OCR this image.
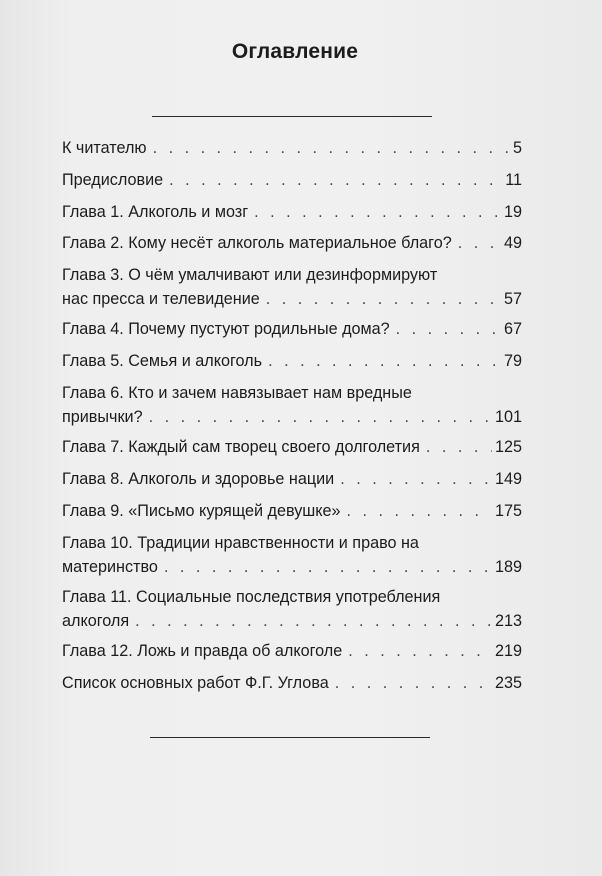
Оглавление
К читателю . . .	5
Предисловие . . .	11
Глава 1. Алкоголь и мозг . . .	19
Глава 2. Кому несёт алкоголь материальное благо? . . .	49
Глава 3. О чём умалчивают или дезинформируют
нас пресса и телевидение . . .	57
Глава 4. Почему пустуют родильные дома? . . .	67
Глава 5. Семья и алкоголь . . .	79
Глава 6. Кто и зачем навязывает нам вредные
привычки? . . .	101
Глава 7. Каждый сам творец своего долголетия . . .	125
Глава 8. Алкоголь и здоровье нации . . .	149
Глава 9. «Письмо курящей девушке» . . .	175
Глава 10. Традиции нравственности и право на
материнство . . .	189
Глава 11. Социальные последствия употребления
алкоголя . . .	213
Глава 12. Ложь и правда об алкоголе . . .	219
Список основных работ Ф.Г. Углова . . .	235
